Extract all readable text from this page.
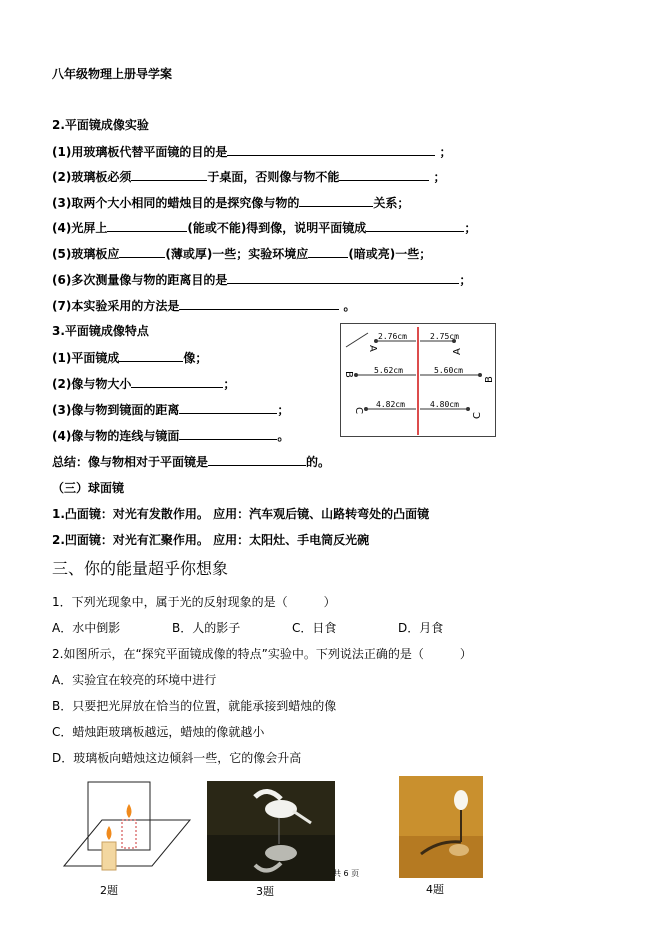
八年级物理上册导学案
2.平面镜成像实验
(1)用玻璃板代替平面镜的目的是	；
(2)玻璃板必须	于桌面，否则像与物不能	；
(3)取两个大小相同的蜡烛目的是探究像与物的	关系；
(4)光屏上	(能或不能)得到像，说明平面镜成	；
(5)玻璃板应	(薄或厚)一些；实验环境应	(暗或亮)一些；
(6)多次测量像与物的距离目的是	；
(7)本实验采用的方法是	。
3.平面镜成像特点
(1)平面镜成	像；
(2)像与物大小	；
(3)像与物到镜面的距离	；
(4)像与物的连线与镜面	。
总结：像与物相对于平面镜是	的。
2.76cm	2.75cm
A	A
5.62cm	5.60cm
B
B
4.82cm	4.80cm
C
C
（三）球面镜
1.凸面镜：对光有发散作用。 应用：汽车观后镜、山路转弯处的凸面镜
2.凹面镜：对光有汇聚作用。 应用：太阳灶、手电筒反光碗
三、你的能量超乎你想象
1．下列光现象中，属于光的反射现象的是（　　　）
A．水中倒影	B．人的影子	C．日食	D．月食
2.如图所示，在“探究平面镜成像的特点”实验中。下列说法正确的是（　　　）
A．实验宜在较亮的环境中进行
B．只要把光屏放在恰当的位置，就能承接到蜡烛的像
C．蜡烛距玻璃板越远，蜡烛的像就越小
D．玻璃板向蜡烛这边倾斜一些，它的像会升高
2题	3题
共 6 页
4题
